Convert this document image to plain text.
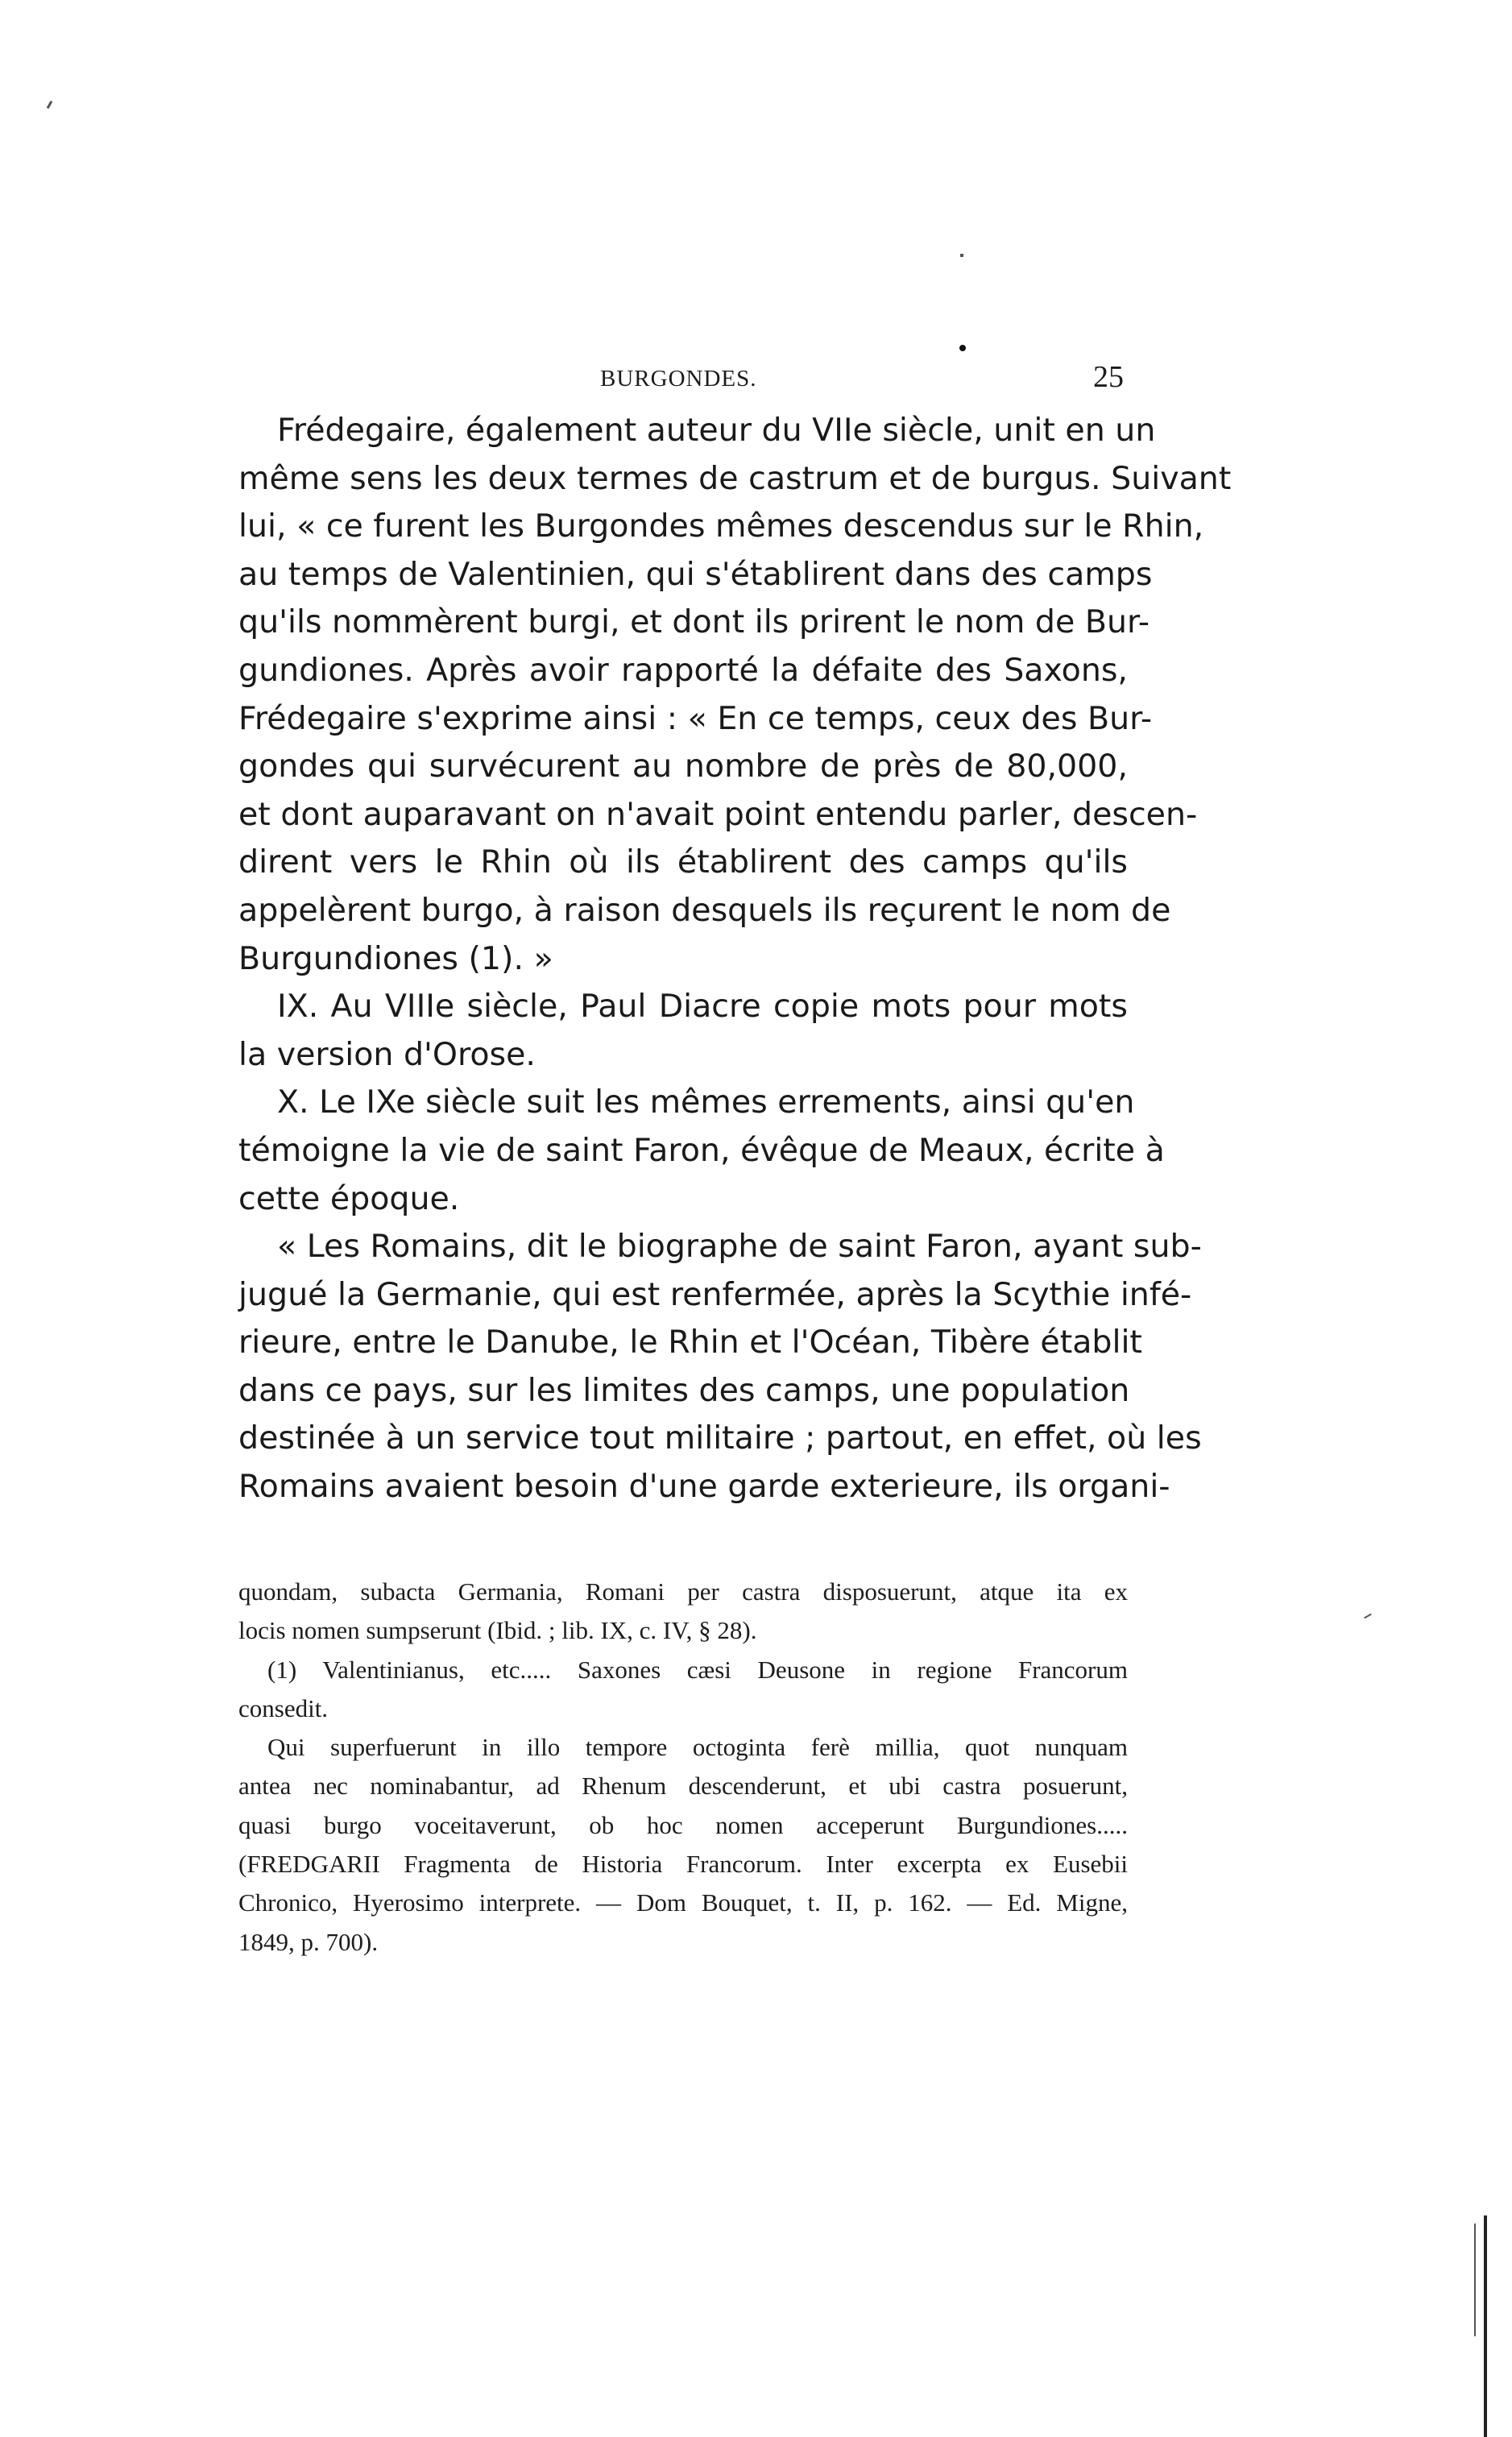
BURGONDES.	25
Frédegaire, également auteur du VIIe siècle, unit en un
même sens les deux termes de castrum et de burgus. Suivant
lui, « ce furent les Burgondes mêmes descendus sur le Rhin,
au temps de Valentinien, qui s'établirent dans des camps
qu'ils nommèrent burgi, et dont ils prirent le nom de Bur-
gundiones. Après avoir rapporté la défaite des Saxons,
Frédegaire s'exprime ainsi : « En ce temps, ceux des Bur-
gondes qui survécurent au nombre de près de 80,000,
et dont auparavant on n'avait point entendu parler, descen-
dirent vers le Rhin où ils établirent des camps qu'ils
appelèrent burgo, à raison desquels ils reçurent le nom de
Burgundiones (1). »
IX. Au VIIIe siècle, Paul Diacre copie mots pour mots
la version d'Orose.
X. Le IXe siècle suit les mêmes errements, ainsi qu'en
témoigne la vie de saint Faron, évêque de Meaux, écrite à
cette époque.
« Les Romains, dit le biographe de saint Faron, ayant sub-
jugué la Germanie, qui est renfermée, après la Scythie infé-
rieure, entre le Danube, le Rhin et l'Océan, Tibère établit
dans ce pays, sur les limites des camps, une population
destinée à un service tout militaire ; partout, en effet, où les
Romains avaient besoin d'une garde exterieure, ils organi-
quondam, subacta Germania, Romani per castra disposuerunt, atque ita ex
locis nomen sumpserunt (Ibid. ; lib. IX, c. IV, § 28).
(1) Valentinianus, etc..... Saxones cæsi Deusone in regione Francorum
consedit.
Qui superfuerunt in illo tempore octoginta ferè millia, quot nunquam
antea nec nominabantur, ad Rhenum descenderunt, et ubi castra posuerunt,
quasi burgo voceitaverunt, ob hoc nomen acceperunt Burgundiones.....
(FREDGARII Fragmenta de Historia Francorum. Inter excerpta ex Eusebii
Chronico, Hyerosimo interprete. — Dom Bouquet, t. II, p. 162. — Ed. Migne,
1849, p. 700).
